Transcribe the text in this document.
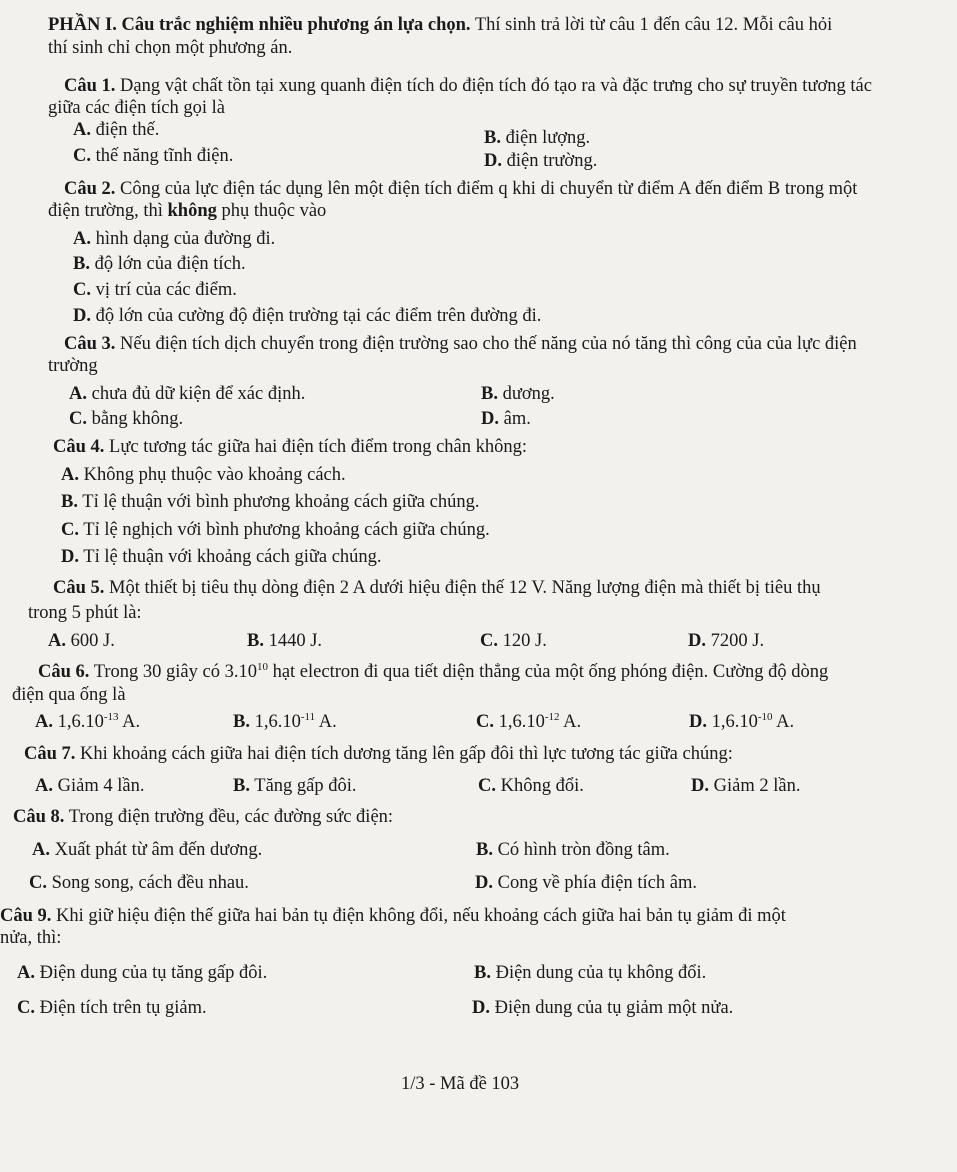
PHẦN I. Câu trắc nghiệm nhiều phương án lựa chọn. Thí sinh trả lời từ câu 1 đến câu 12. Mỗi câu hỏi
thí sinh chỉ chọn một phương án.
Câu 1. Dạng vật chất tồn tại xung quanh điện tích do điện tích đó tạo ra và đặc trưng cho sự truyền tương tác
giữa các điện tích gọi là
A. điện thế.	B. điện lượng.
C. thế năng tĩnh điện.	D. điện trường.
Câu 2. Công của lực điện tác dụng lên một điện tích điểm q khi di chuyển từ điểm A đến điểm B trong một
điện trường, thì không phụ thuộc vào
A. hình dạng của đường đi.
B. độ lớn của điện tích.
C. vị trí của các điểm.
D. độ lớn của cường độ điện trường tại các điểm trên đường đi.
Câu 3. Nếu điện tích dịch chuyển trong điện trường sao cho thế năng của nó tăng thì công của của lực điện
trường
A. chưa đủ dữ kiện để xác định.	B. dương.
C. bằng không.	D. âm.
Câu 4. Lực tương tác giữa hai điện tích điểm trong chân không:
A. Không phụ thuộc vào khoảng cách.
B. Tỉ lệ thuận với bình phương khoảng cách giữa chúng.
C. Tỉ lệ nghịch với bình phương khoảng cách giữa chúng.
D. Tỉ lệ thuận với khoảng cách giữa chúng.
Câu 5. Một thiết bị tiêu thụ dòng điện 2 A dưới hiệu điện thế 12 V. Năng lượng điện mà thiết bị tiêu thụ
trong 5 phút là:
A. 600 J.	B. 1440 J.	C. 120 J.	D. 7200 J.
Câu 6. Trong 30 giây có 3.10$^{10}$ hạt electron đi qua tiết diện thẳng của một ống phóng điện. Cường độ dòng
điện qua ống là
A. $1,6.10^{-13}$ A.	B. $1,6.10^{-11}$ A.	C. $1,6.10^{-12}$ A.	D. $1,6.10^{-10}$ A.
Câu 7. Khi khoảng cách giữa hai điện tích dương tăng lên gấp đôi thì lực tương tác giữa chúng:
A. Giảm 4 lần.	B. Tăng gấp đôi.	C. Không đổi.	D. Giảm 2 lần.
Câu 8. Trong điện trường đều, các đường sức điện:
A. Xuất phát từ âm đến dương.	B. Có hình tròn đồng tâm.
C. Song song, cách đều nhau.	D. Cong về phía điện tích âm.
Câu 9. Khi giữ hiệu điện thế giữa hai bản tụ điện không đổi, nếu khoảng cách giữa hai bản tụ giảm đi một
nửa, thì:
A. Điện dung của tụ tăng gấp đôi.	B. Điện dung của tụ không đổi.
C. Điện tích trên tụ giảm.	D. Điện dung của tụ giảm một nửa.
1/3 - Mã đề 103
